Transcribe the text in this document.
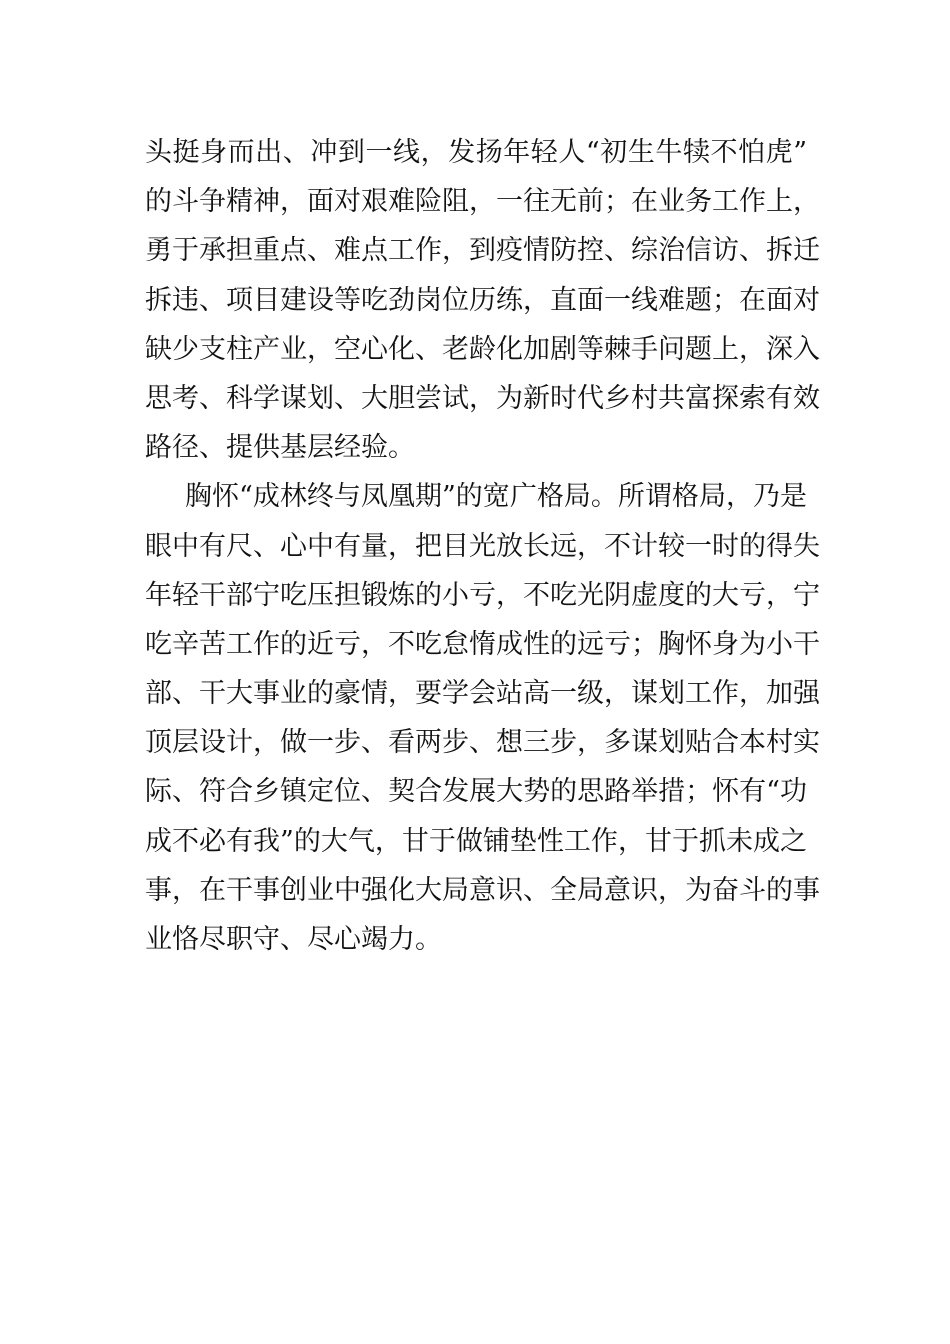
头挺身而出、冲到一线，发扬年轻人“初生牛犊不怕虎”
的斗争精神，面对艰难险阻，一往无前；在业务工作上，
勇于承担重点、难点工作，到疫情防控、综治信访、拆迁
拆违、项目建设等吃劲岗位历练，直面一线难题；在面对
缺少支柱产业，空心化、老龄化加剧等棘手问题上，深入
思考、科学谋划、大胆尝试，为新时代乡村共富探索有效
路径、提供基层经验。
胸怀“成林终与凤凰期”的宽广格局。所谓格局，乃是
眼中有尺、心中有量，把目光放长远，不计较一时的得失
年轻干部宁吃压担锻炼的小亏，不吃光阴虚度的大亏，宁
吃辛苦工作的近亏，不吃怠惰成性的远亏；胸怀身为小干
部、干大事业的豪情，要学会站高一级，谋划工作，加强
顶层设计，做一步、看两步、想三步，多谋划贴合本村实
际、符合乡镇定位、契合发展大势的思路举措；怀有“功
成不必有我”的大气，甘于做铺垫性工作，甘于抓未成之
事，在干事创业中强化大局意识、全局意识，为奋斗的事
业恪尽职守、尽心竭力。
